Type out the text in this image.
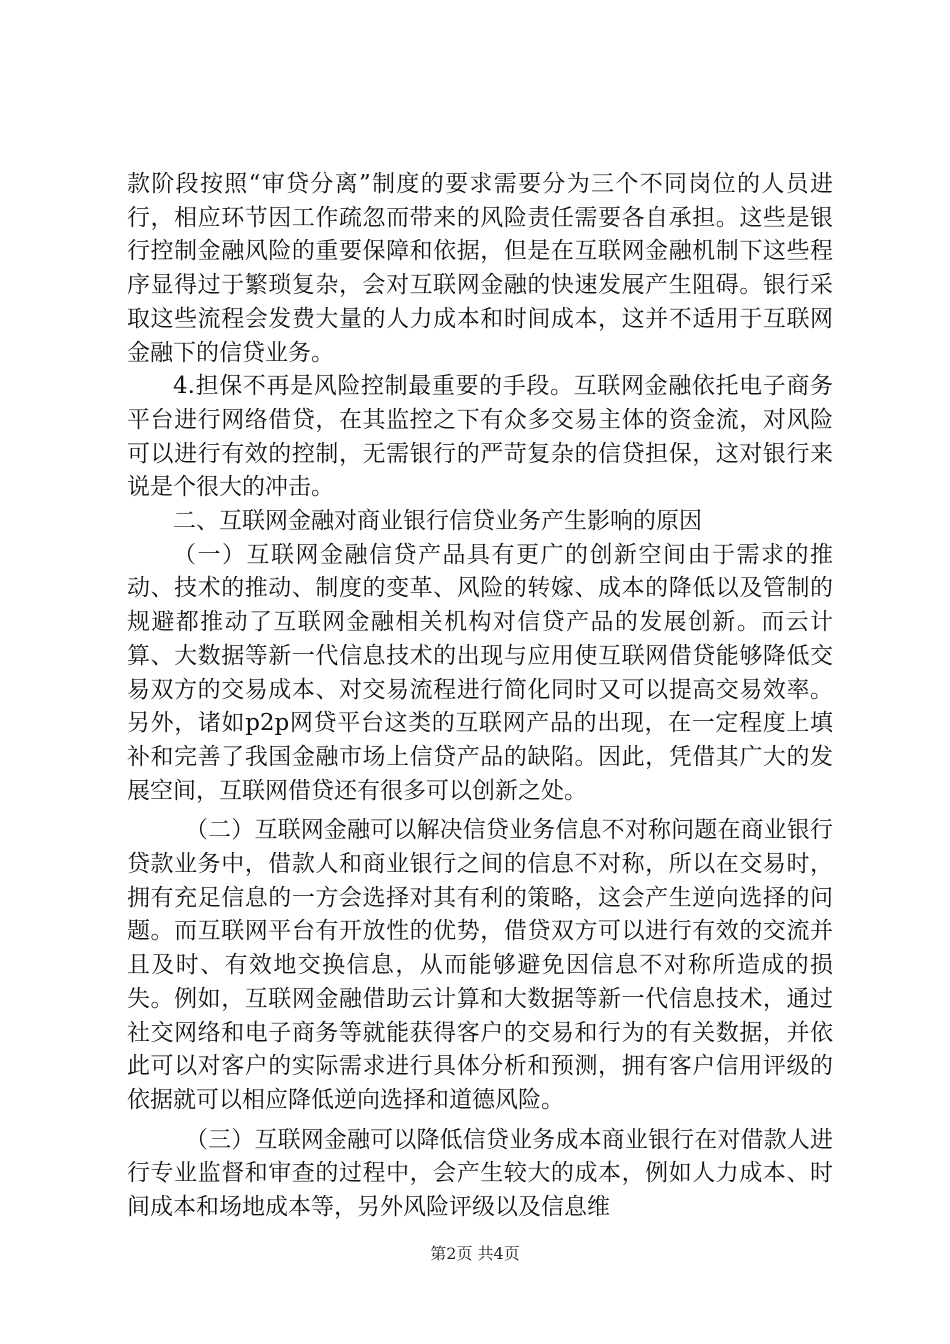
款阶段按照“审贷分离”制度的要求需要分为三个不同岗位的人员进行，相应环节因工作疏忽而带来的风险责任需要各自承担。这些是银行控制金融风险的重要保障和依据，但是在互联网金融机制下这些程序显得过于繁琐复杂，会对互联网金融的快速发展产生阻碍。银行采取这些流程会发费大量的人力成本和时间成本，这并不适用于互联网金融下的信贷业务。

4.担保不再是风险控制最重要的手段。互联网金融依托电子商务平台进行网络借贷，在其监控之下有众多交易主体的资金流，对风险可以进行有效的控制，无需银行的严苛复杂的信贷担保，这对银行来说是个很大的冲击。

二、互联网金融对商业银行信贷业务产生影响的原因

（一）互联网金融信贷产品具有更广的创新空间由于需求的推动、技术的推动、制度的变革、风险的转嫁、成本的降低以及管制的规避都推动了互联网金融相关机构对信贷产品的发展创新。而云计算、大数据等新一代信息技术的出现与应用使互联网借贷能够降低交易双方的交易成本、对交易流程进行简化同时又可以提高交易效率。另外，诸如p2p网贷平台这类的互联网产品的出现，在一定程度上填补和完善了我国金融市场上信贷产品的缺陷。因此，凭借其广大的发展空间，互联网借贷还有很多可以创新之处。

（二）互联网金融可以解决信贷业务信息不对称问题在商业银行贷款业务中，借款人和商业银行之间的信息不对称，所以在交易时，拥有充足信息的一方会选择对其有利的策略，这会产生逆向选择的问题。而互联网平台有开放性的优势，借贷双方可以进行有效的交流并且及时、有效地交换信息，从而能够避免因信息不对称所造成的损失。例如，互联网金融借助云计算和大数据等新一代信息技术，通过社交网络和电子商务等就能获得客户的交易和行为的有关数据，并依此可以对客户的实际需求进行具体分析和预测，拥有客户信用评级的依据就可以相应降低逆向选择和道德风险。

（三）互联网金融可以降低信贷业务成本商业银行在对借款人进行专业监督和审查的过程中，会产生较大的成本，例如人力成本、时间成本和场地成本等，另外风险评级以及信息维

第2页 共4页
